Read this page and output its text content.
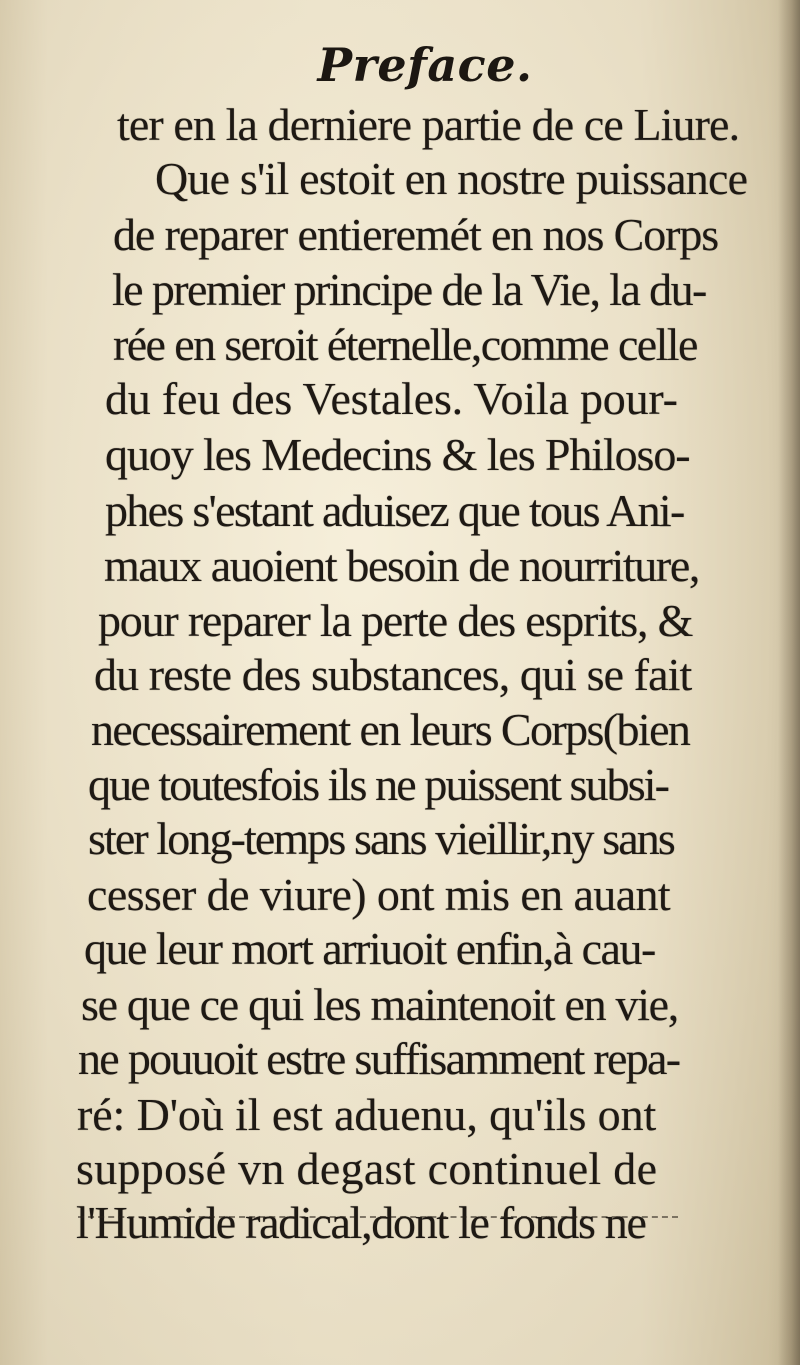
Preface.
ter en la derniere partie de ce Liure.
Que s'il estoit en nostre puissance
de reparer entieremét en nos Corps
le premier principe de la Vie, la du-
rée en seroit éternelle,comme celle
du feu des Vestales. Voila pour-
quoy les Medecins & les Philoso-
phes s'estant aduisez que tous Ani-
maux auoient besoin de nourriture,
pour reparer la perte des esprits, &
du reste des substances, qui se fait
necessairement en leurs Corps(bien
que toutesfois ils ne puissent subsi-
ster long-temps sans vieillir,ny sans
cesser de viure) ont mis en auant
que leur mort arriuoit enfin,à cau-
se que ce qui les maintenoit en vie,
ne pouuoit estre suffisamment repa-
ré: D'où il est aduenu, qu'ils ont
supposé vn degast continuel de
l'Humide radical,dont le fonds ne
